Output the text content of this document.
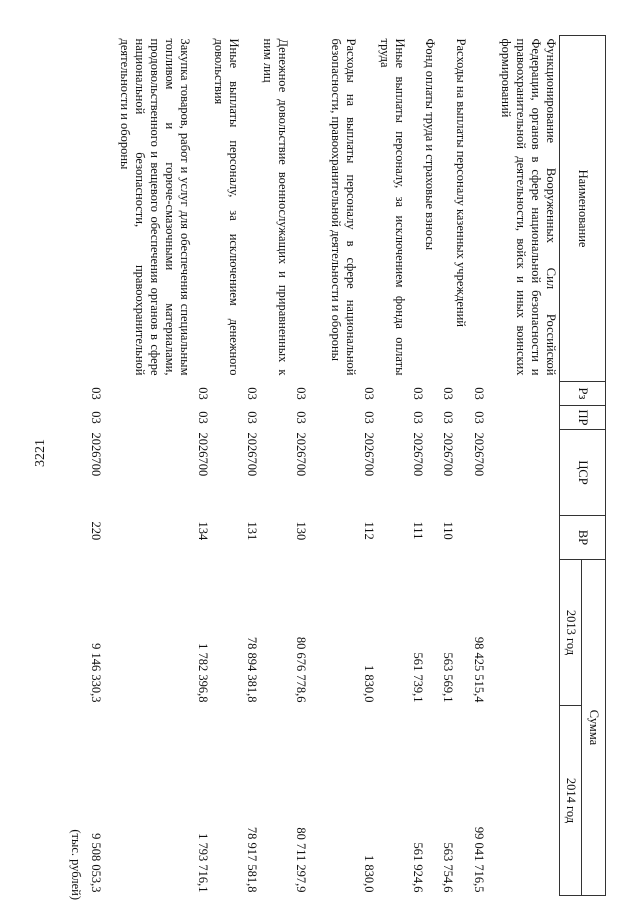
3221
(тыс. рублей)
Наименование	Рз	ПР	ЦСР	ВР	Сумма	
					2013 год	2014 год
Функционирование Вооруженных Сил Российской Федерации, органов в сфере национальной безопасности и правоохранительной деятельности, войск и иных воинских формирований	03	03	2026700		98 425 515,4	99 041 716,5
Расходы на выплаты персоналу казенных учреждений	03	03	2026700	110	563 569,1	563 754,6
Фонд оплаты труда и страховые взносы	03	03	2026700	111	561 739,1	561 924,6
Иные выплаты персоналу, за исключением фонда оплаты труда	03	03	2026700	112	1 830,0	1 830,0
Расходы на выплаты персоналу в сфере национальной безопасности, правоохранительной деятельности и обороны	03	03	2026700	130	80 676 778,6	80 711 297,9
Денежное довольствие военнослужащих и приравненных к ним лиц	03	03	2026700	131	78 894 381,8	78 917 581,8
Иные выплаты персоналу, за исключением денежного довольствия	03	03	2026700	134	1 782 396,8	1 793 716,1
Закупка товаров, работ и услуг для обеспечения специальным топливом и горюче-смазочными материалами, продовольственного и вещевого обеспечения органов в сфере национальной безопасности, правоохранительной деятельности и обороны	03	03	2026700	220	9 146 330,3	9 508 053,3
